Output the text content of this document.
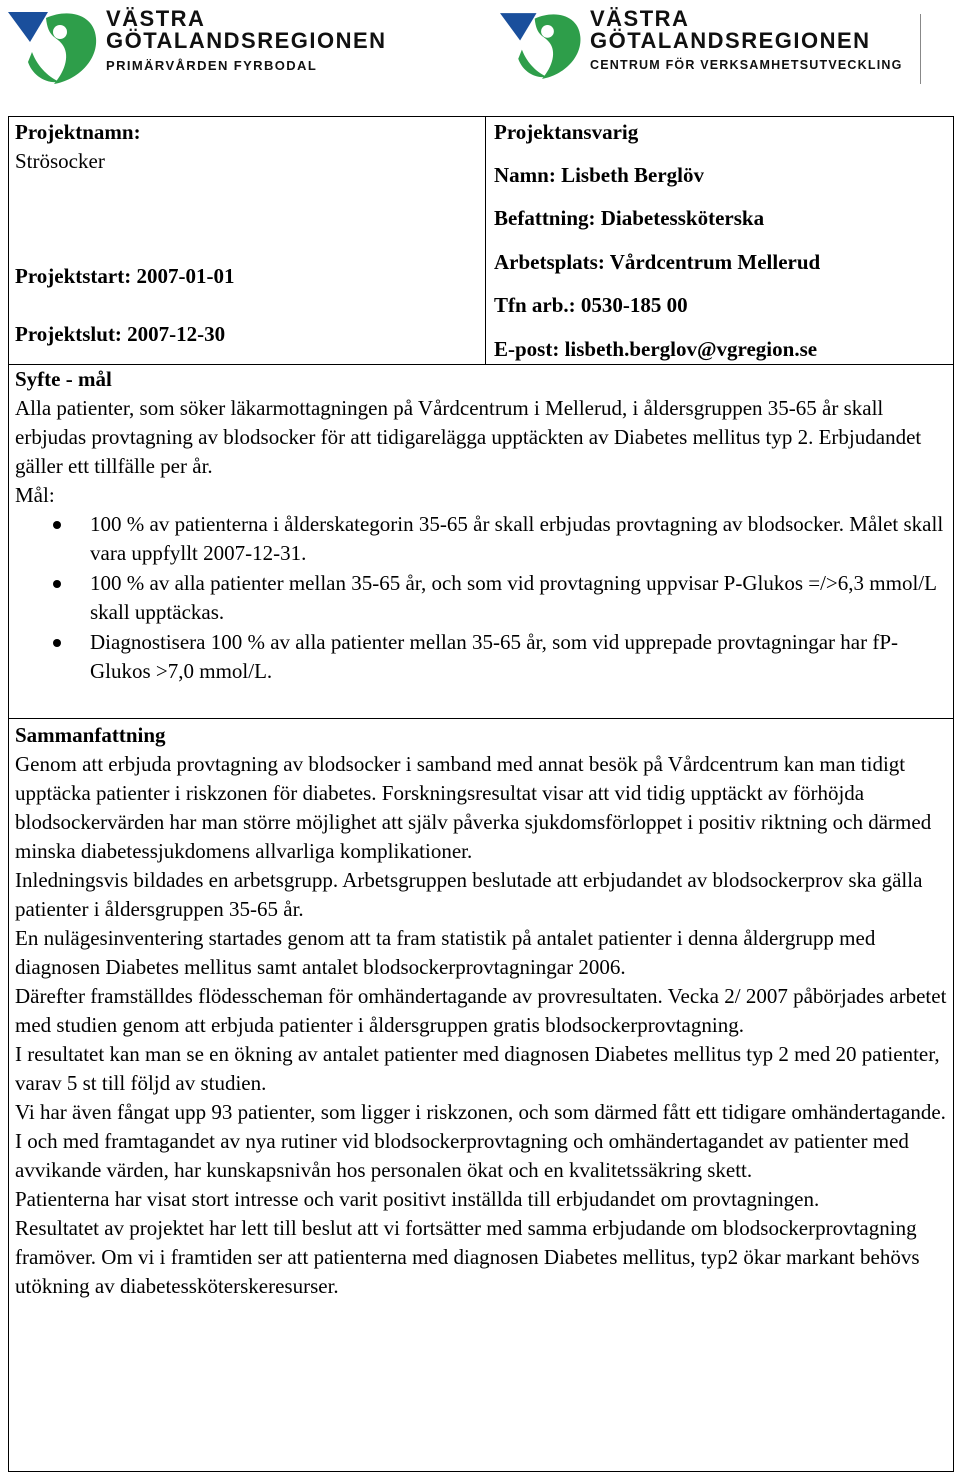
VÄSTRA
GÖTALANDSREGIONEN
PRIMÄRVÅRDEN FYRBODAL
VÄSTRA
GÖTALANDSREGIONEN
CENTRUM FÖR VERKSAMHETSUTVECKLING
Projektnamn:
Strösocker
Projektstart: 2007-01-01
Projektslut: 2007-12-30
Projektansvarig
Namn: Lisbeth Berglöv
Befattning: Diabetessköterska
Arbetsplats: Vårdcentrum Mellerud
Tfn arb.: 0530-185 00
E-post: lisbeth.berglov@vgregion.se

Syfte - mål

Alla patienter, som söker läkarmottagningen på Vårdcentrum i Mellerud, i åldersgruppen 35-65 år skall erbjudas provtagning av blodsocker för att tidigarelägga upptäckten av Diabetes mellitus typ 2. Erbjudandet gäller ett tillfälle per år.

Mål:

100 % av patienterna i ålderskategorin 35-65 år skall erbjudas provtagning av blodsocker. Målet skall vara uppfyllt 2007-12-31.
100 % av alla patienter mellan 35-65 år, och som vid provtagning uppvisar P-Glukos =/>6,3 mmol/L skall upptäckas.
Diagnostisera 100 % av alla patienter mellan 35-65 år, som vid upprepade provtagningar har fP-Glukos >7,0 mmol/L.

Sammanfattning

Genom att erbjuda provtagning av blodsocker i samband med annat besök på Vårdcentrum kan man tidigt upptäcka patienter i riskzonen för diabetes. Forskningsresultat visar att vid tidig upptäckt av förhöjda blodsockervärden har man större möjlighet att själv påverka sjukdomsförloppet i positiv riktning och därmed minska diabetessjukdomens allvarliga komplikationer.

Inledningsvis bildades en arbetsgrupp. Arbetsgruppen beslutade att erbjudandet av blodsockerprov ska gälla patienter i åldersgruppen 35-65 år.

En nulägesinventering startades genom att ta fram statistik på antalet patienter i denna åldergrupp med diagnosen Diabetes mellitus samt antalet blodsockerprovtagningar 2006.

Därefter framställdes flödesscheman för omhändertagande av provresultaten. Vecka 2/ 2007 påbörjades arbetet med studien genom att erbjuda patienter i åldersgruppen gratis blodsockerprovtagning.

I resultatet kan man se en ökning av antalet patienter med diagnosen Diabetes mellitus typ 2 med 20 patienter, varav 5 st till följd av studien.

Vi har även fångat upp 93 patienter, som ligger i riskzonen, och som därmed fått ett tidigare omhändertagande.

I och med framtagandet av nya rutiner vid blodsockerprovtagning och omhändertagandet av patienter med avvikande värden, har kunskapsnivån hos personalen ökat och en kvalitetssäkring skett.

Patienterna har visat stort intresse och varit positivt inställda till erbjudandet om provtagningen.

Resultatet av projektet har lett till beslut att vi fortsätter med samma erbjudande om blodsockerprovtagning framöver. Om vi i framtiden ser att patienterna med diagnosen Diabetes mellitus, typ2 ökar markant behövs utökning av diabetessköterskeresurser.
